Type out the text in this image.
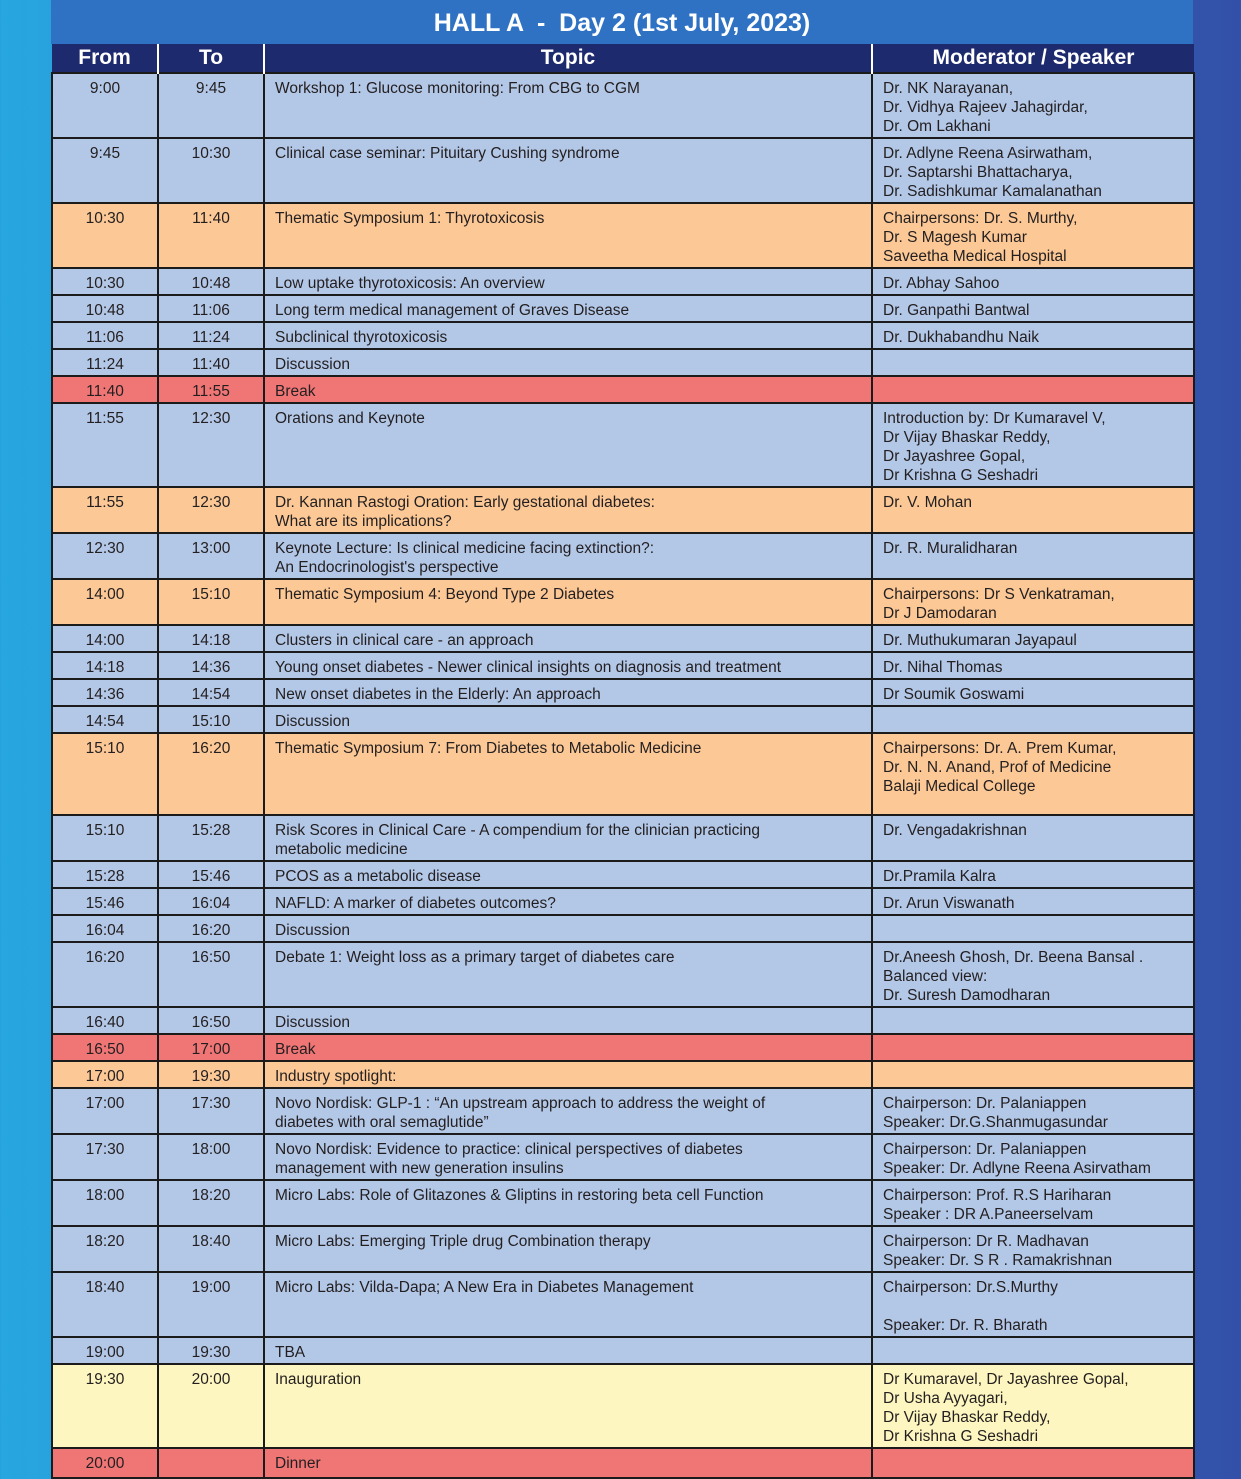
HALL A  -  Day 2 (1st July, 2023)
From	To	Topic	Moderator / Speaker
9:00	9:45	Workshop 1: Glucose monitoring: From CBG to CGM	Dr. NK Narayanan,
Dr. Vidhya Rajeev Jahagirdar,
Dr. Om Lakhani
9:45	10:30	Clinical case seminar: Pituitary Cushing syndrome	Dr. Adlyne Reena Asirwatham,
Dr. Saptarshi Bhattacharya,
Dr. Sadishkumar Kamalanathan
10:30	11:40	Thematic Symposium 1: Thyrotoxicosis	Chairpersons: Dr. S. Murthy,
Dr. S Magesh Kumar
Saveetha Medical Hospital
10:30	10:48	Low uptake thyrotoxicosis: An overview	Dr. Abhay Sahoo
10:48	11:06	Long term medical management of Graves Disease	Dr. Ganpathi Bantwal
11:06	11:24	Subclinical thyrotoxicosis	Dr. Dukhabandhu Naik
11:24	11:40	Discussion	
11:40	11:55	Break	
11:55	12:30	Orations and Keynote	Introduction by: Dr Kumaravel V,
Dr Vijay Bhaskar Reddy,
Dr Jayashree Gopal,
Dr Krishna G Seshadri
11:55	12:30	Dr. Kannan Rastogi Oration: Early gestational diabetes:
What are its implications?	Dr. V. Mohan
12:30	13:00	Keynote Lecture: Is clinical medicine facing extinction?:
An Endocrinologist's perspective	Dr. R. Muralidharan
14:00	15:10	Thematic Symposium 4: Beyond Type 2 Diabetes	Chairpersons: Dr S Venkatraman,
Dr J Damodaran
14:00	14:18	Clusters in clinical care - an approach	Dr. Muthukumaran Jayapaul
14:18	14:36	Young onset diabetes - Newer clinical insights on diagnosis and treatment	Dr. Nihal Thomas
14:36	14:54	New onset diabetes in the Elderly: An approach	Dr Soumik Goswami
14:54	15:10	Discussion	
15:10	16:20	Thematic Symposium 7: From Diabetes to Metabolic Medicine	Chairpersons: Dr. A. Prem Kumar,
Dr. N. N. Anand, Prof of Medicine
Balaji Medical College
15:10	15:28	Risk Scores in Clinical Care - A compendium for the clinician practicing
metabolic medicine	Dr. Vengadakrishnan
15:28	15:46	PCOS as a metabolic disease	Dr.Pramila Kalra
15:46	16:04	NAFLD: A marker of diabetes outcomes?	Dr. Arun Viswanath
16:04	16:20	Discussion	
16:20	16:50	Debate 1: Weight loss as a primary target of diabetes care	Dr.Aneesh Ghosh, Dr. Beena Bansal .
Balanced view:
Dr. Suresh Damodharan
16:40	16:50	Discussion	
16:50	17:00	Break	
17:00	19:30	Industry spotlight:	
17:00	17:30	Novo Nordisk: GLP-1 : “An upstream approach to address the weight of
diabetes with oral semaglutide”	Chairperson: Dr. Palaniappen
Speaker: Dr.G.Shanmugasundar
17:30	18:00	Novo Nordisk: Evidence to practice: clinical perspectives of diabetes
management with new generation insulins	Chairperson: Dr. Palaniappen
Speaker: Dr. Adlyne Reena Asirvatham
18:00	18:20	Micro Labs: Role of Glitazones & Gliptins in restoring beta cell Function	Chairperson: Prof. R.S Hariharan
Speaker : DR A.Paneerselvam
18:20	18:40	Micro Labs: Emerging Triple drug Combination therapy	Chairperson: Dr R. Madhavan
Speaker: Dr. S R . Ramakrishnan
18:40	19:00	Micro Labs: Vilda-Dapa; A New Era in Diabetes Management	Chairperson: Dr.S.Murthy

Speaker: Dr. R. Bharath
19:00	19:30	TBA	
19:30	20:00	Inauguration	Dr Kumaravel, Dr Jayashree Gopal,
Dr Usha Ayyagari,
Dr Vijay Bhaskar Reddy,
Dr Krishna G Seshadri
20:00		Dinner	
